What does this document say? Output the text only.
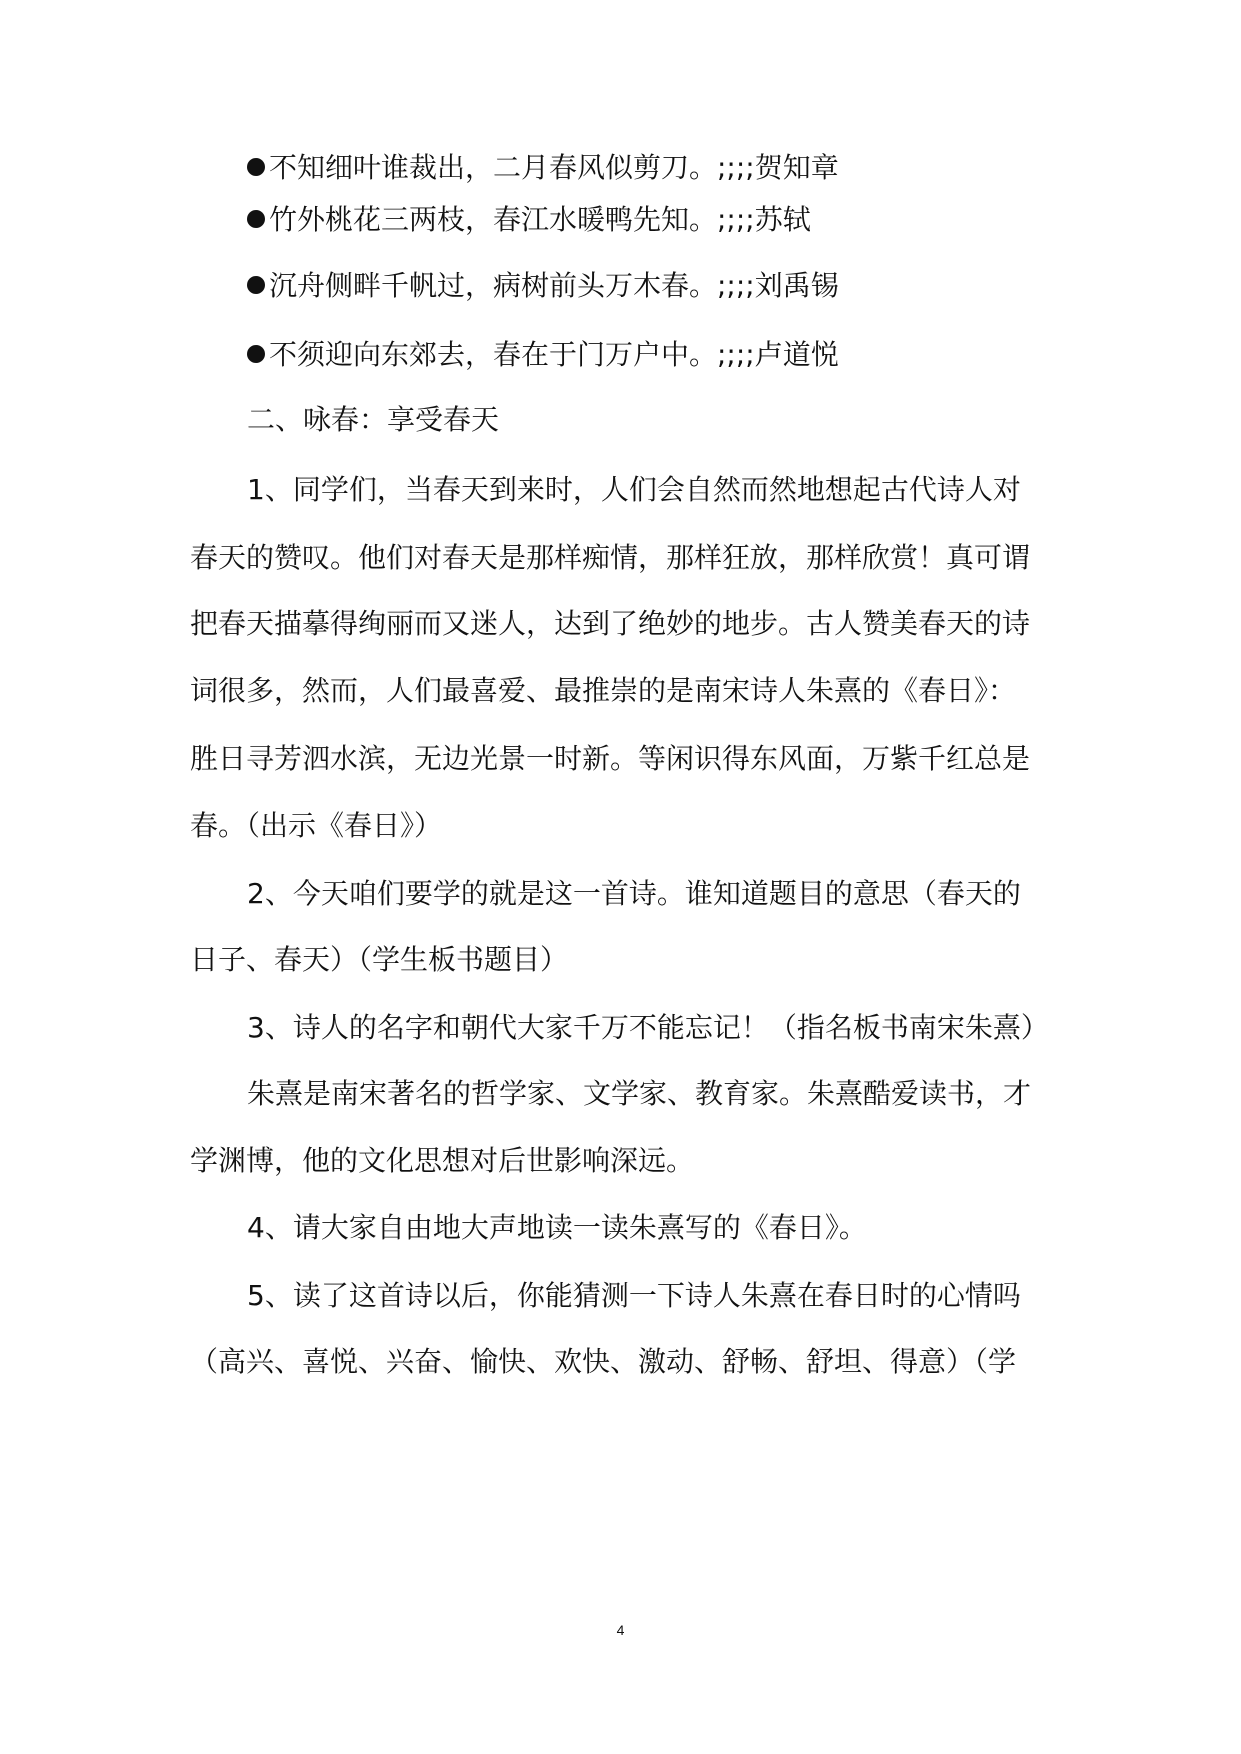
不知细叶谁裁出，二月春风似剪刀。;;;;贺知章
竹外桃花三两枝，春江水暖鸭先知。;;;;苏轼
沉舟侧畔千帆过，病树前头万木春。;;;;刘禹锡
不须迎向东郊去，春在于门万户中。;;;;卢道悦
二、咏春：享受春天
1、同学们，当春天到来时，人们会自然而然地想起古代诗人对
春天的赞叹。他们对春天是那样痴情，那样狂放，那样欣赏！真可谓
把春天描摹得绚丽而又迷人，达到了绝妙的地步。古人赞美春天的诗
词很多，然而，人们最喜爱、最推崇的是南宋诗人朱熹的《春日》：
胜日寻芳泗水滨，无边光景一时新。等闲识得东风面，万紫千红总是
春。（出示《春日》）
2、今天咱们要学的就是这一首诗。谁知道题目的意思（春天的
日子、春天）（学生板书题目）
3、诗人的名字和朝代大家千万不能忘记！（指名板书南宋朱熹）
朱熹是南宋著名的哲学家、文学家、教育家。朱熹酷爱读书，才
学渊博，他的文化思想对后世影响深远。
4、请大家自由地大声地读一读朱熹写的《春日》。
5、读了这首诗以后，你能猜测一下诗人朱熹在春日时的心情吗
（高兴、喜悦、兴奋、愉快、欢快、激动、舒畅、舒坦、得意）（学
4
